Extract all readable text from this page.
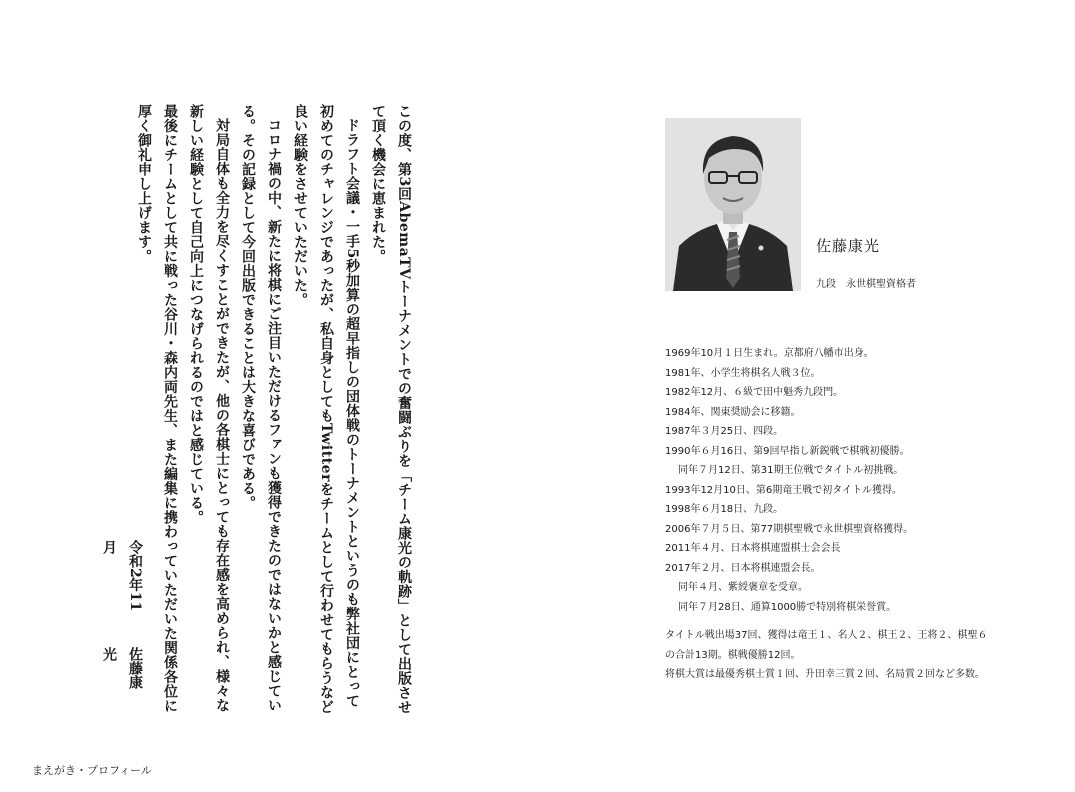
この度、第3回AbemaTVトーナメントでの奮闘ぶりを「チーム康光の軌跡」として出版させて頂く機会に恵まれた。

ドラフト会議・一手5秒加算の超早指しの団体戦のトーナメントというのも弊社団にとって初めてのチャレンジであったが、私自身としてもTwitterをチームとして行わせてもらうなど良い経験をさせていただいた。

コロナ禍の中、新たに将棋にご注目いただけるファンも獲得できたのではないかと感じている。その記録として今回出版できることは大きな喜びである。

対局自体も全力を尽くすことができたが、他の各棋士にとっても存在感を高められ、様々な新しい経験として自己向上につなげられるのではと感じている。

最後にチームとして共に戦った谷川・森内両先生、また編集に携わっていただいた関係各位に厚く御礼申し上げます。

令和2年11月
佐藤康光
まえがき・プロフィール
佐藤康光
九段　永世棋聖資格者
1969年10月１日生まれ。京都府八幡市出身。
1981年、小学生将棋名人戦３位。
1982年12月、６級で田中魁秀九段門。
1984年、関東奨励会に移籍。
1987年３月25日、四段。
1990年６月16日、第9回早指し新鋭戦で棋戦初優勝。
同年７月12日、第31期王位戦でタイトル初挑戦。
1993年12月10日、第6期竜王戦で初タイトル獲得。
1998年６月18日、九段。
2006年７月５日、第77期棋聖戦で永世棋聖資格獲得。
2011年４月、日本将棋連盟棋士会会長
2017年２月、日本将棋連盟会長。
同年４月、紫綬褒章を受章。
同年７月28日、通算1000勝で特別将棋栄誉賞。

タイトル戦出場37回、獲得は竜王１、名人２、棋王２、王将２、棋聖６の合計13期。棋戦優勝12回。

将棋大賞は最優秀棋士賞１回、升田幸三賞２回、名局賞２回など多数。
